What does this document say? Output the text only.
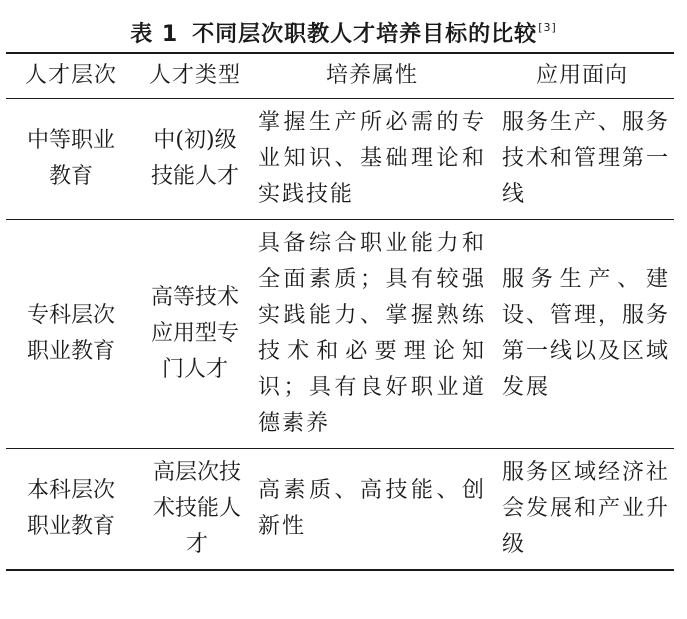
表 1 不同层次职教人才培养目标的比较[3]
人才层次	人才类型	培养属性	应用面向
中等职业教育	中(初)级技能人才	掌握生产所必需的专业知识、基础理论和实践技能	服务生产、服务技术和管理第一线
专科层次职业教育	高等技术应用型专门人才	具备综合职业能力和全面素质；具有较强实践能力、掌握熟练技术和必要理论知识；具有良好职业道德素养	服务生产、建设、管理，服务第一线以及区域发展
本科层次职业教育	高层次技术技能人才	高素质、高技能、创新性	服务区域经济社会发展和产业升级
